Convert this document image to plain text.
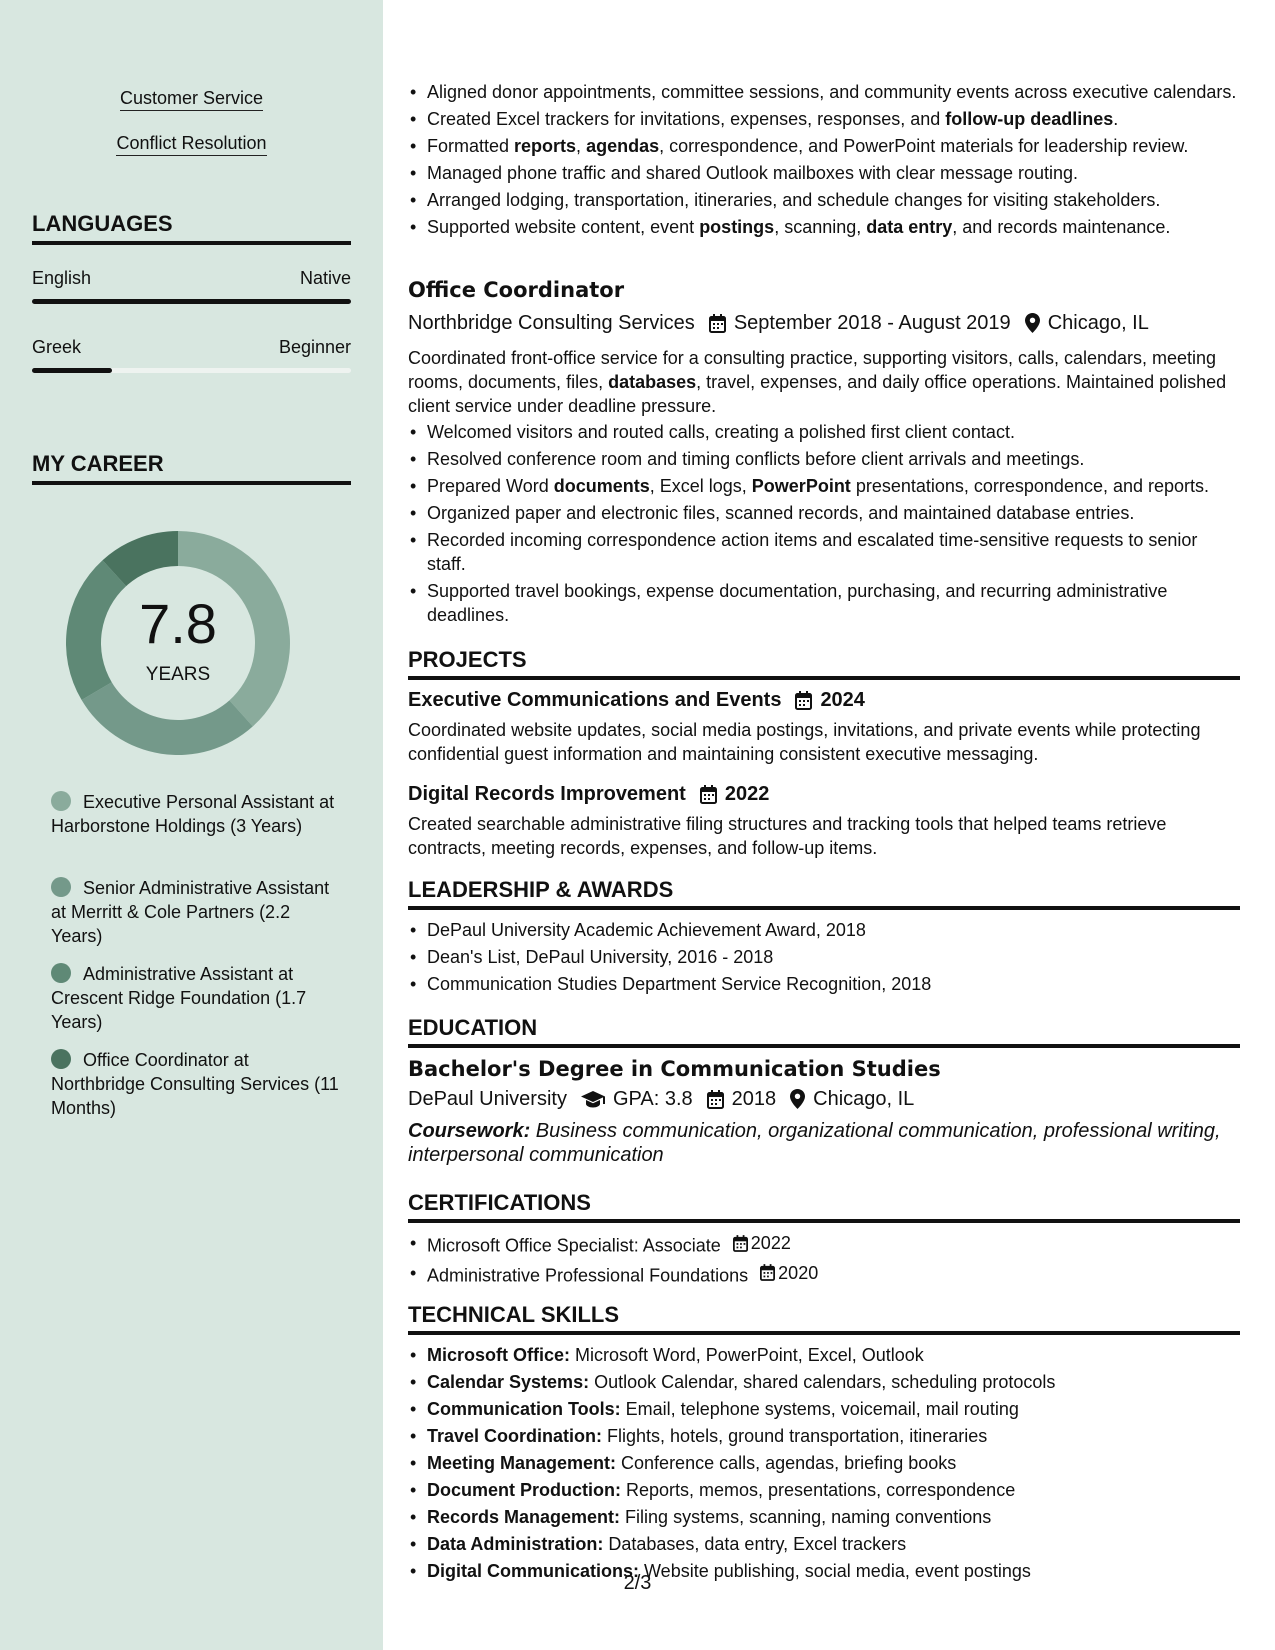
Customer Service
Conflict Resolution
LANGUAGES
English	Native
Greek	Beginner
MY CAREER
7.8
YEARS
Executive Personal Assistant at Harborstone Holdings (3 Years)
Senior Administrative Assistant at Merritt & Cole Partners (2.2 Years)
Administrative Assistant at Crescent Ridge Foundation (1.7 Years)
Office Coordinator at Northbridge Consulting Services (11 Months)
• Aligned donor appointments, committee sessions, and community events across executive calendars.
• Created Excel trackers for invitations, expenses, responses, and follow-up deadlines.
• Formatted reports, agendas, correspondence, and PowerPoint materials for leadership review.
• Managed phone traffic and shared Outlook mailboxes with clear message routing.
• Arranged lodging, transportation, itineraries, and schedule changes for visiting stakeholders.
• Supported website content, event postings, scanning, data entry, and records maintenance.
Office Coordinator
Northbridge Consulting Services September 2018 - August 2019 Chicago, IL
Coordinated front-office service for a consulting practice, supporting visitors, calls, calendars, meeting rooms, documents, files, databases, travel, expenses, and daily office operations. Maintained polished client service under deadline pressure.
• Welcomed visitors and routed calls, creating a polished first client contact.
• Resolved conference room and timing conflicts before client arrivals and meetings.
• Prepared Word documents, Excel logs, PowerPoint presentations, correspondence, and reports.
• Organized paper and electronic files, scanned records, and maintained database entries.
• Recorded incoming correspondence action items and escalated time-sensitive requests to senior staff.
• Supported travel bookings, expense documentation, purchasing, and recurring administrative deadlines.
PROJECTS
Executive Communications and Events 2024
Coordinated website updates, social media postings, invitations, and private events while protecting confidential guest information and maintaining consistent executive messaging.
Digital Records Improvement 2022
Created searchable administrative filing structures and tracking tools that helped teams retrieve contracts, meeting records, expenses, and follow-up items.
LEADERSHIP & AWARDS
• DePaul University Academic Achievement Award, 2018
• Dean's List, DePaul University, 2016 - 2018
• Communication Studies Department Service Recognition, 2018
EDUCATION
Bachelor's Degree in Communication Studies
DePaul University GPA: 3.8 2018 Chicago, IL
Coursework: Business communication, organizational communication, professional writing, interpersonal communication
CERTIFICATIONS
• Microsoft Office Specialist: Associate 2022
• Administrative Professional Foundations 2020
TECHNICAL SKILLS
• Microsoft Office: Microsoft Word, PowerPoint, Excel, Outlook
• Calendar Systems: Outlook Calendar, shared calendars, scheduling protocols
• Communication Tools: Email, telephone systems, voicemail, mail routing
• Travel Coordination: Flights, hotels, ground transportation, itineraries
• Meeting Management: Conference calls, agendas, briefing books
• Document Production: Reports, memos, presentations, correspondence
• Records Management: Filing systems, scanning, naming conventions
• Data Administration: Databases, data entry, Excel trackers
• Digital Communications: Website publishing, social media, event postings
2/3
